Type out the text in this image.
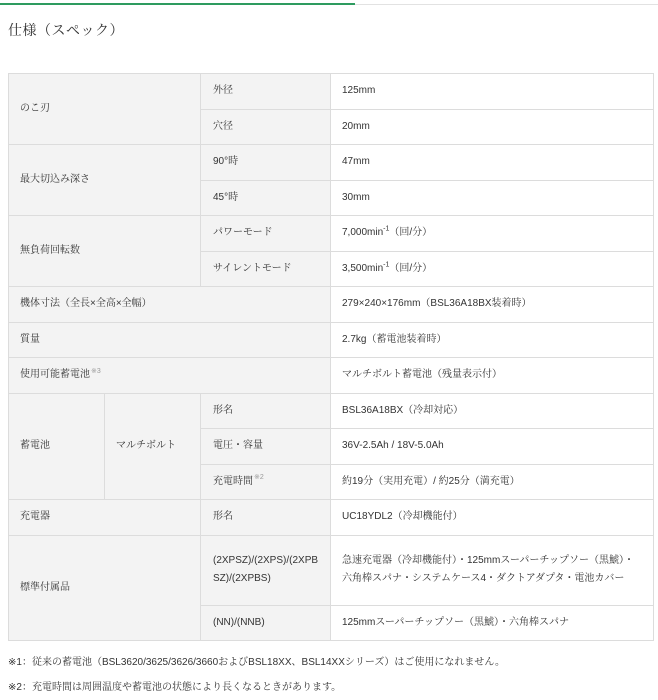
仕様（スペック）
のこ刃		外径	125mm
		穴径	20mm
最大切込み深さ		90°時	47mm
		45°時	30mm
無負荷回転数		パワーモード	$7,000\min^{-1}$（回/分）
		サイレントモード	$3,500\min^{-1}$（回/分）
機体寸法（全長×全高×全幅）			279×240×176mm（BSL36A18BX装着時）
質量			2.7kg（蓄電池装着時）
使用可能蓄電池$^{※3}$			マルチボルト蓄電池（残量表示付）
蓄電池	マルチボルト	形名	BSL36A18BX（冷却対応）
		電圧・容量	36V-2.5Ah / 18V-5.0Ah
		充電時間$^{※2}$	約19分（実用充電）/ 約25分（満充電）
充電器		形名	UC18YDL2（冷却機能付）
標準付属品		(2XPSZ)/(2XPS)/(2XPB
SZ)/(2XPBS)	急速充電器（冷却機能付）・125mmスーパーチップソー（黒鯱）・六角棒スパナ・システムケース4・ダクトアダプタ・電池カバー

		(NN)/(NNB)	125mmスーパーチップソー（黒鯱）・六角棒スパナ

※1：従来の蓄電池（BSL3620/3625/3626/3660およびBSL18XX、BSL14XXシリーズ）はご使用になれません。

※2：充電時間は周囲温度や蓄電池の状態により長くなるときがあります。
